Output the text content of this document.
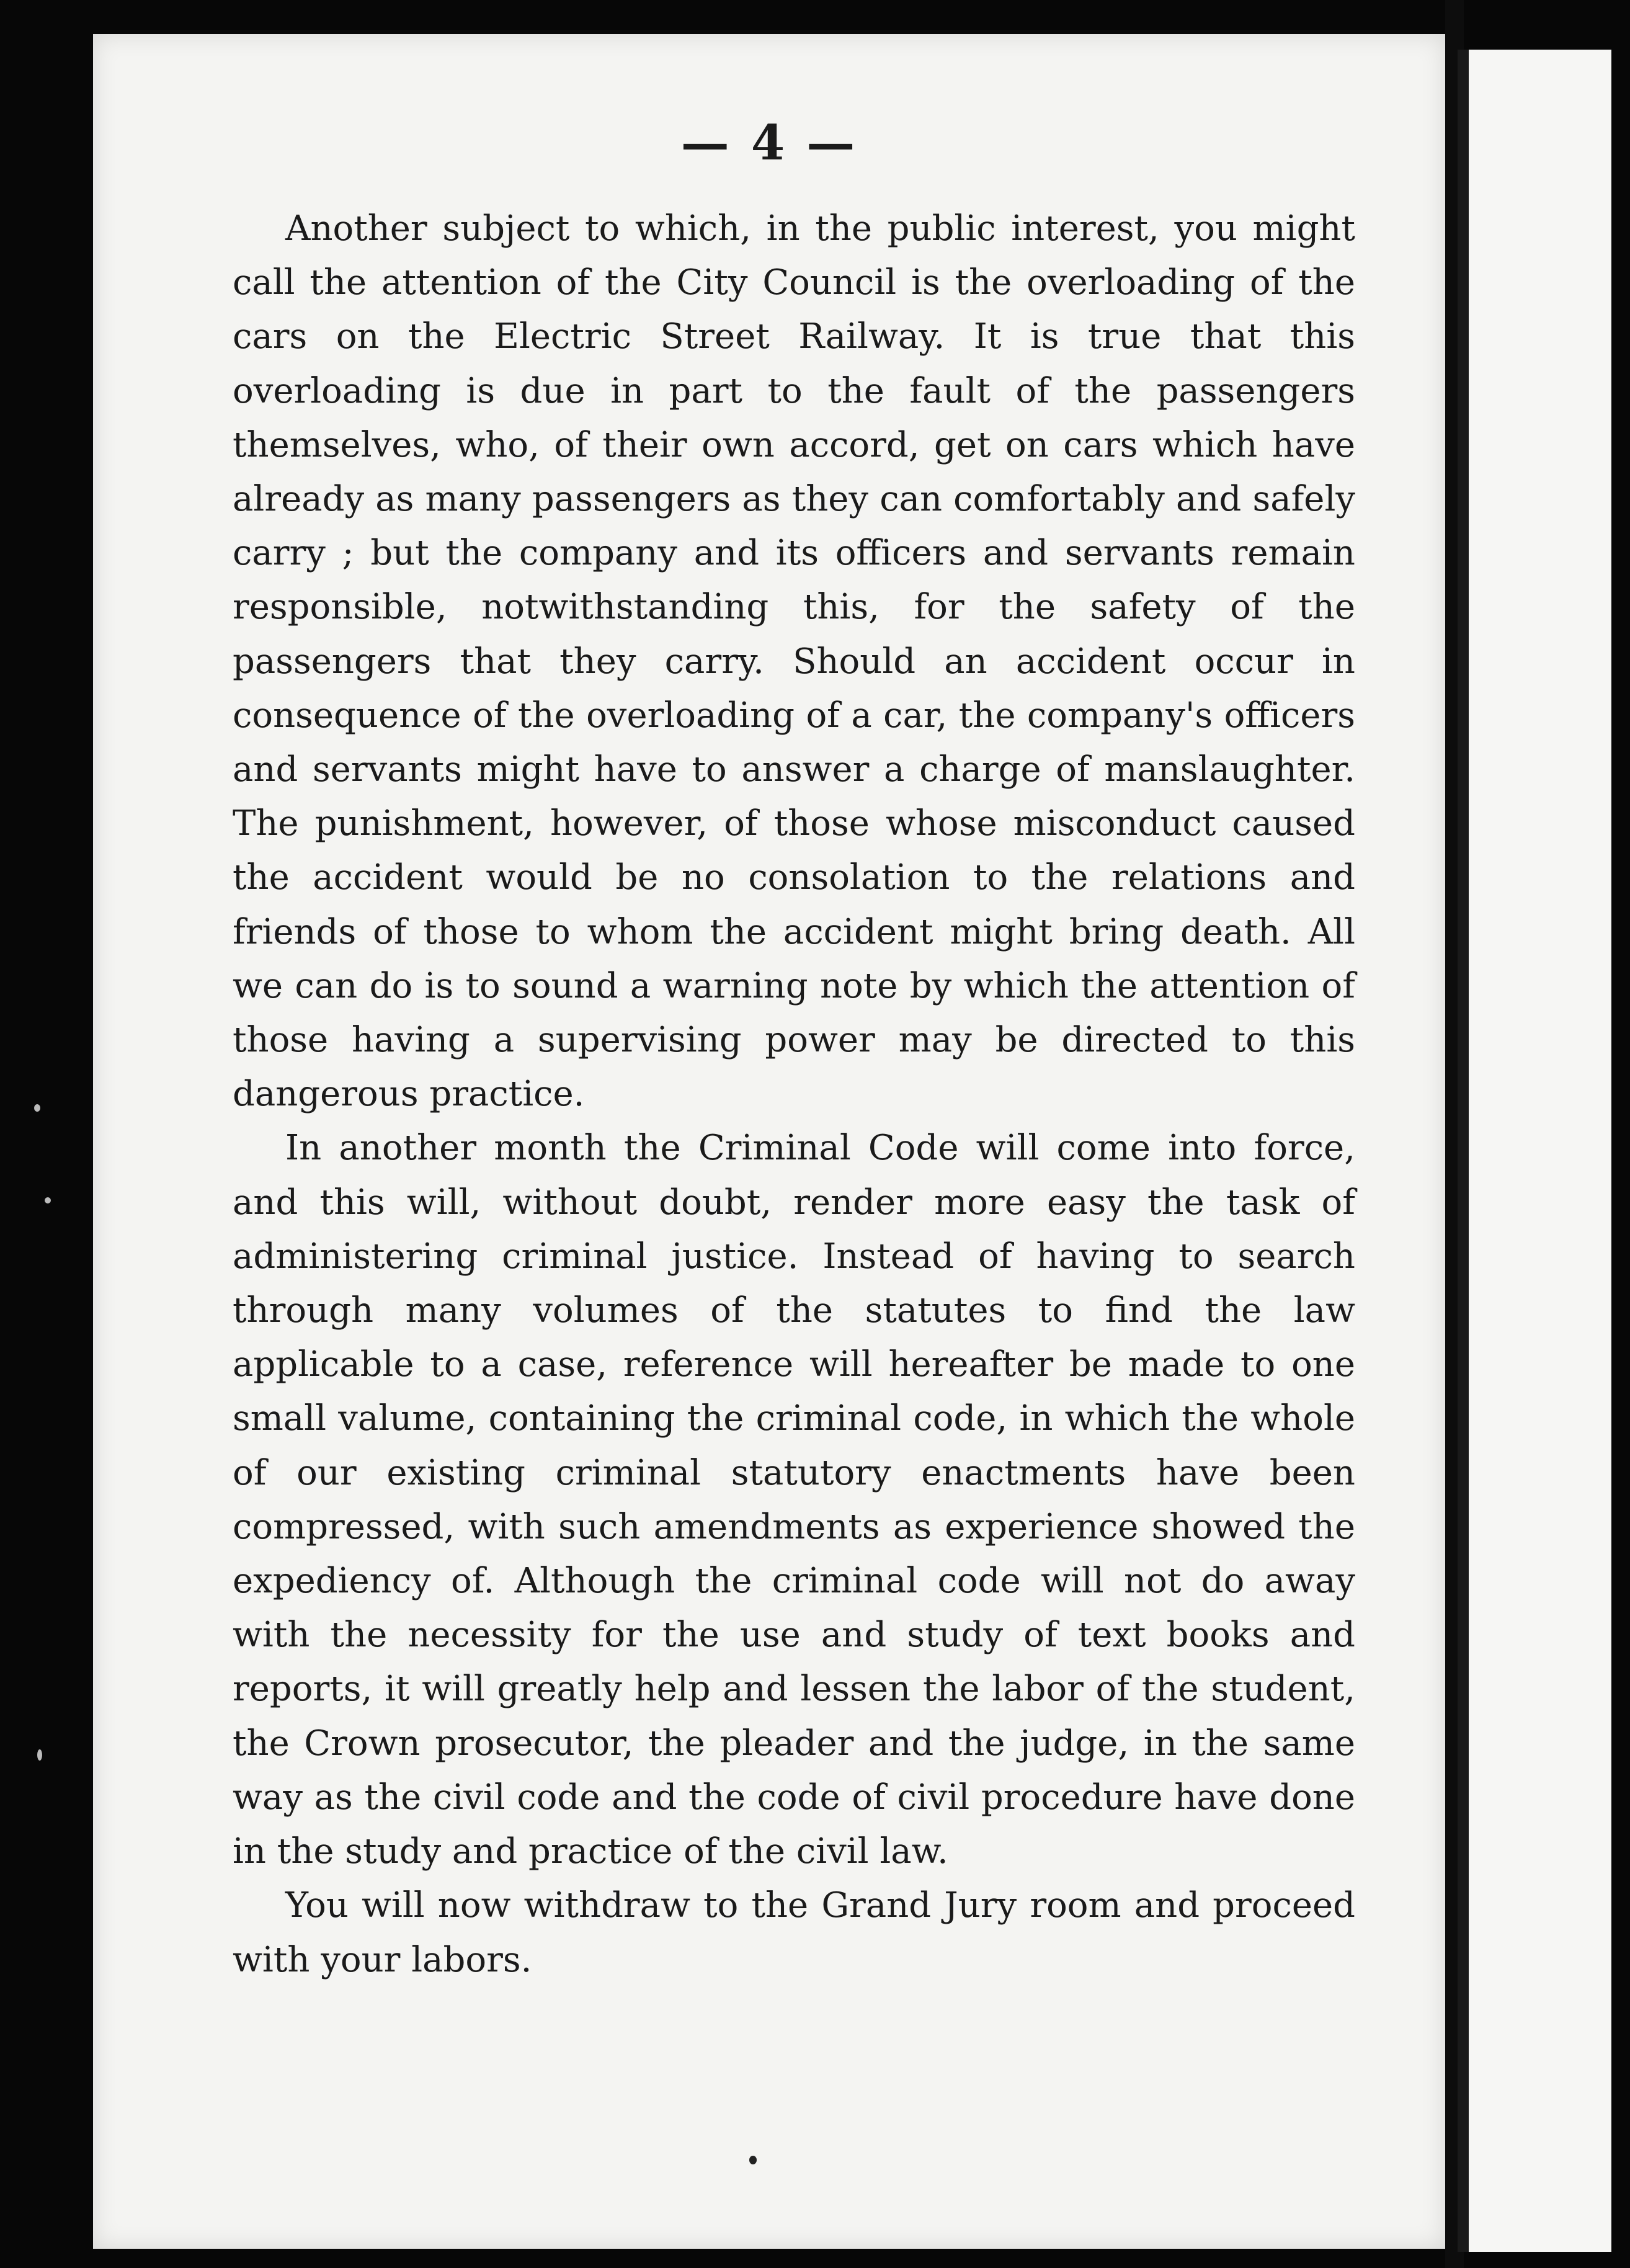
— 4 —

Another subject to which, in the public interest, you might call the attention of the City Council is the overloading of the cars on the Electric Street Railway. It is true that this overloading is due in part to the fault of the passengers themselves, who, of their own accord, get on cars which have already as many passengers as they can comfortably and safely carry ; but the company and its officers and servants remain responsible, notwithstanding this, for the safety of the passengers that they carry. Should an accident occur in consequence of the overloading of a car, the company's officers and servants might have to answer a charge of manslaughter. The punishment, however, of those whose misconduct caused the accident would be no consolation to the relations and friends of those to whom the accident might bring death. All we can do is to sound a warning note by which the attention of those having a supervising power may be directed to this dangerous practice.

In another month the Criminal Code will come into force, and this will, without doubt, render more easy the task of administering criminal justice. Instead of having to search through many volumes of the statutes to find the law applicable to a case, reference will hereafter be made to one small valume, containing the criminal code, in which the whole of our existing criminal statutory enactments have been compressed, with such amendments as experience showed the expediency of. Although the criminal code will not do away with the necessity for the use and study of text books and reports, it will greatly help and lessen the labor of the student, the Crown prosecutor, the pleader and the judge, in the same way as the civil code and the code of civil procedure have done in the study and practice of the civil law.

You will now withdraw to the Grand Jury room and proceed with your labors.
